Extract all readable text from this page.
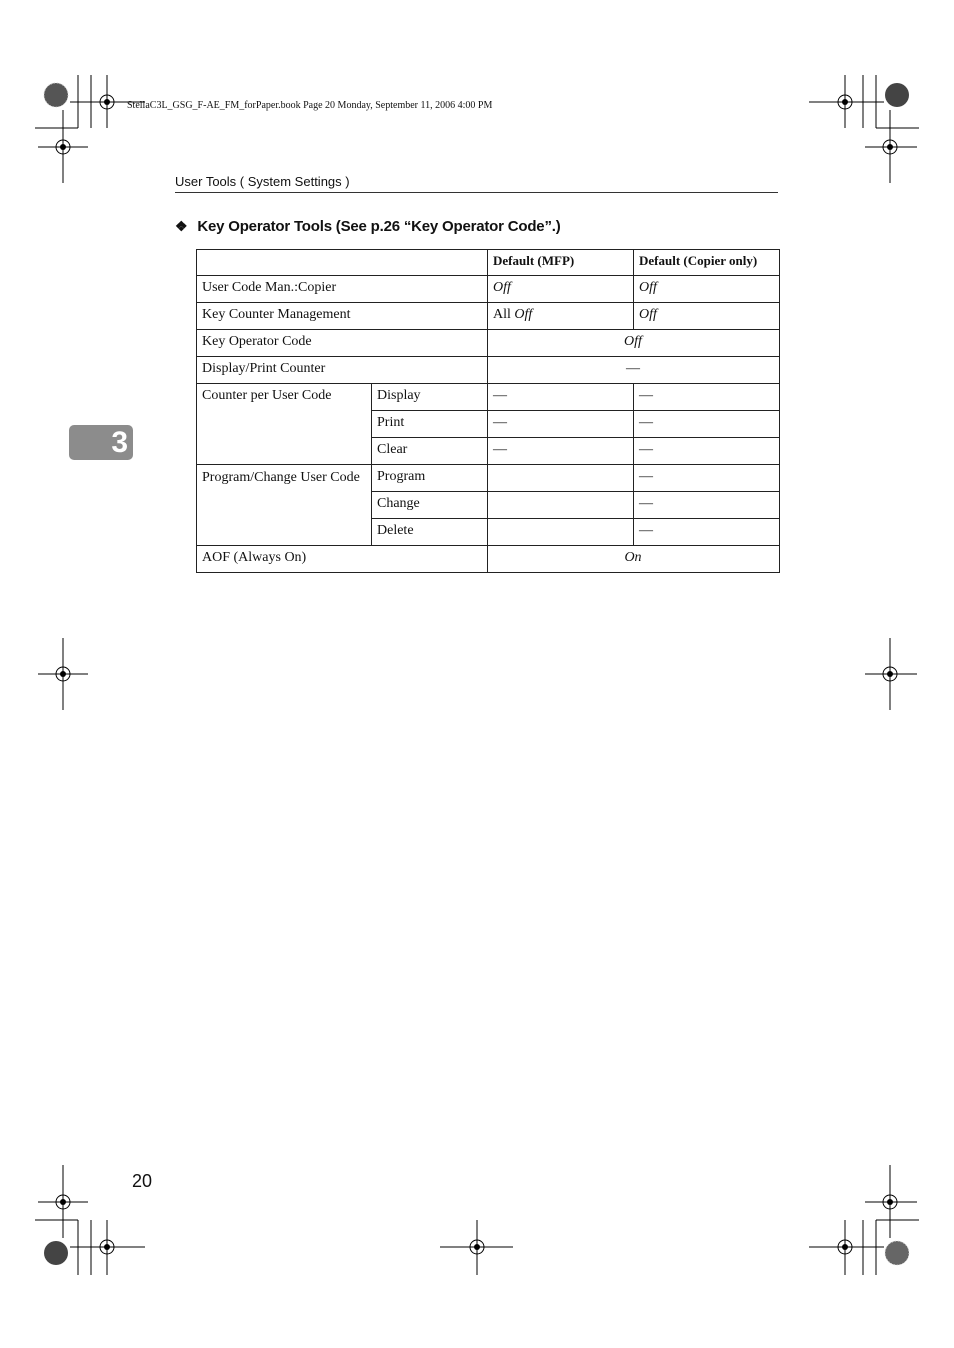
StellaC3L_GSG_F-AE_FM_forPaper.book Page 20 Monday, September 11, 2006 4:00 PM
User Tools ( System Settings )
❖ Key Operator Tools (See p.26 “Key Operator Code”.)
3
		Default (MFP)	Default (Copier only)
User Code Man.:Copier		Off	Off
Key Counter Management		All Off	Off
Key Operator Code		Off	
Display/Print Counter		—	
Counter per User Code	Display	—	—
	Print	—	—
	Clear	—	—
Program/Change User Code	Program		—
	Change		—
	Delete		—
AOF (Always On)		On	
20
